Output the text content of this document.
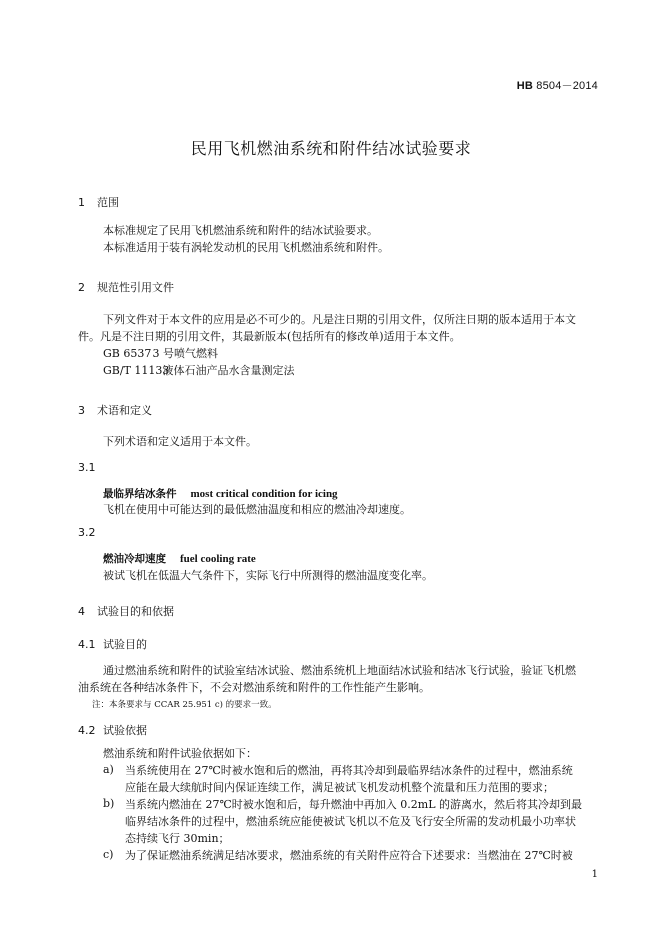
HB 8504－2014
民用飞机燃油系统和附件结冰试验要求
1 范围
本标准规定了民用飞机燃油系统和附件的结冰试验要求。
本标准适用于装有涡轮发动机的民用飞机燃油系统和附件。
2 规范性引用文件
下列文件对于本文件的应用是必不可少的。凡是注日期的引用文件，仅所注日期的版本适用于本文
件。凡是不注日期的引用文件，其最新版本(包括所有的修改单)适用于本文件。
GB 6537 3 号喷气燃料
GB/T 11133 液体石油产品水含量测定法
3 术语和定义
下列术语和定义适用于本文件。
3.1
最临界结冰条件 most critical condition for icing
飞机在使用中可能达到的最低燃油温度和相应的燃油冷却速度。
3.2
燃油冷却速度 fuel cooling rate
被试飞机在低温大气条件下，实际飞行中所测得的燃油温度变化率。
4 试验目的和依据
4.1 试验目的
通过燃油系统和附件的试验室结冰试验、燃油系统机上地面结冰试验和结冰飞行试验，验证飞机燃
油系统在各种结冰条件下，不会对燃油系统和附件的工作性能产生影响。
注：本条要求与 CCAR 25.951 c) 的要求一致。
4.2 试验依据
燃油系统和附件试验依据如下：
a) 当系统使用在 27℃时被水饱和后的燃油，再将其冷却到最临界结冰条件的过程中，燃油系统
应能在最大续航时间内保证连续工作，满足被试飞机发动机整个流量和压力范围的要求；
b) 当系统内燃油在 27℃时被水饱和后，每升燃油中再加入 0.2mL 的游离水，然后将其冷却到最
临界结冰条件的过程中，燃油系统应能使被试飞机以不危及飞行安全所需的发动机最小功率状
态持续飞行 30min；
c) 为了保证燃油系统满足结冰要求，燃油系统的有关附件应符合下述要求：当燃油在 27℃时被
1
